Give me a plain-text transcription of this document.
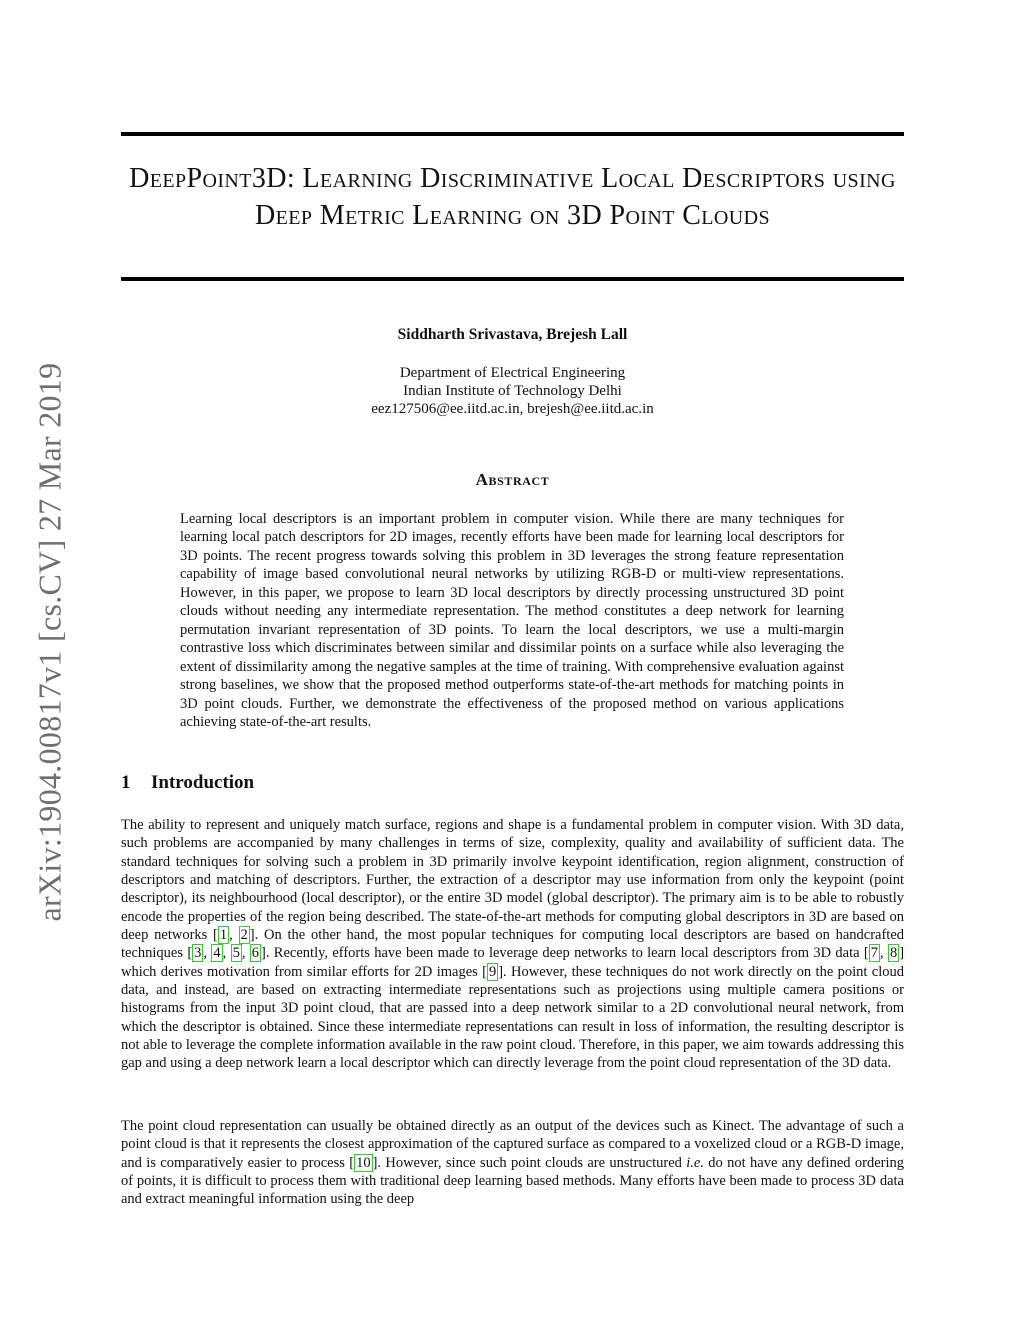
arXiv:1904.00817v1 [cs.CV] 27 Mar 2019
DeepPoint3D: Learning Discriminative Local Descriptors using Deep Metric Learning on 3D Point Clouds
Siddharth Srivastava, Brejesh Lall
Department of Electrical Engineering
Indian Institute of Technology Delhi
eez127506@ee.iitd.ac.in, brejesh@ee.iitd.ac.in
Abstract

Learning local descriptors is an important problem in computer vision. While there are many techniques for learning local patch descriptors for 2D images, recently efforts have been made for learning local descriptors for 3D points. The recent progress towards solving this problem in 3D leverages the strong feature representation capability of image based convolutional neural networks by utilizing RGB-D or multi-view representations. However, in this paper, we propose to learn 3D local descriptors by directly processing unstructured 3D point clouds without needing any intermediate representation. The method constitutes a deep network for learning permutation invariant representation of 3D points. To learn the local descriptors, we use a multi-margin contrastive loss which discriminates between similar and dissimilar points on a surface while also leveraging the extent of dissimilarity among the negative samples at the time of training. With comprehensive evaluation against strong baselines, we show that the proposed method outperforms state-of-the-art methods for matching points in 3D point clouds. Further, we demonstrate the effectiveness of the proposed method on various applications achieving state-of-the-art results.

1 Introduction

The ability to represent and uniquely match surface, regions and shape is a fundamental problem in computer vision. With 3D data, such problems are accompanied by many challenges in terms of size, complexity, quality and availability of sufficient data. The standard techniques for solving such a problem in 3D primarily involve keypoint identification, region alignment, construction of descriptors and matching of descriptors. Further, the extraction of a descriptor may use information from only the keypoint (point descriptor), its neighbourhood (local descriptor), or the entire 3D model (global descriptor). The primary aim is to be able to robustly encode the properties of the region being described. The state-of-the-art methods for computing global descriptors in 3D are based on deep networks [ 1 , 2 ]. On the other hand, the most popular techniques for computing local descriptors are based on handcrafted techniques [ 3 , 4 , 5 , 6 ]. Recently, efforts have been made to leverage deep networks to learn local descriptors from 3D data [ 7 , 8 ] which derives motivation from similar efforts for 2D images [ 9 ]. However, these techniques do not work directly on the point cloud data, and instead, are based on extracting intermediate representations such as projections using multiple camera positions or histograms from the input 3D point cloud, that are passed into a deep network similar to a 2D convolutional neural network, from which the descriptor is obtained. Since these intermediate representations can result in loss of information, the resulting descriptor is not able to leverage the complete information available in the raw point cloud. Therefore, in this paper, we aim towards addressing this gap and using a deep network learn a local descriptor which can directly leverage from the point cloud representation of the 3D data.

The point cloud representation can usually be obtained directly as an output of the devices such as Kinect. The advantage of such a point cloud is that it represents the closest approximation of the captured surface as compared to a voxelized cloud or a RGB-D image, and is comparatively easier to process [ 10 ]. However, since such point clouds are unstructured i.e. do not have any defined ordering of points, it is difficult to process them with traditional deep learning based methods. Many efforts have been made to process 3D data and extract meaningful information using the deep
